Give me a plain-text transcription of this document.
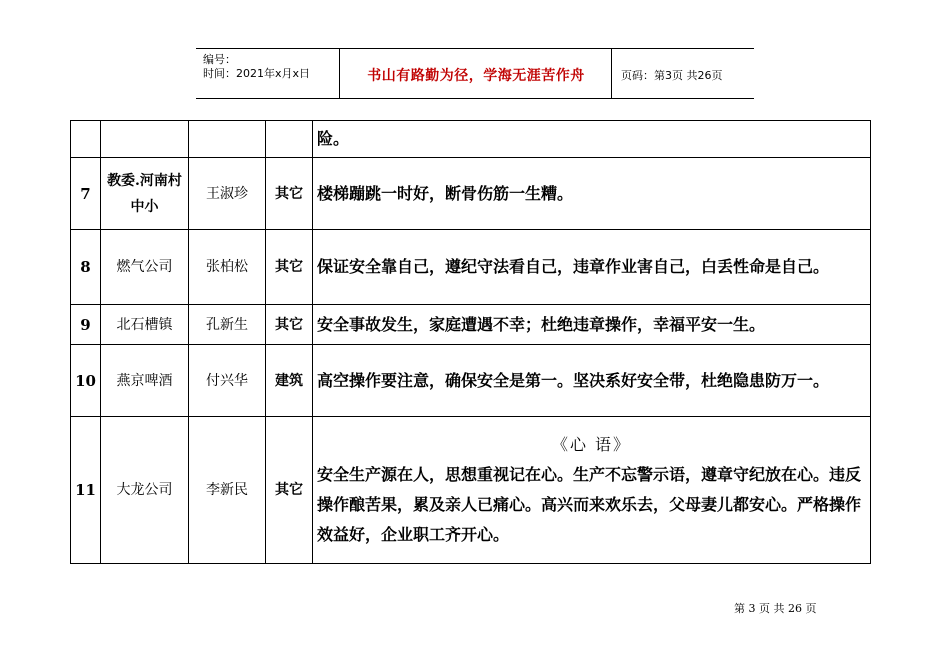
编号：
时间：2021年x月x日	书山有路勤为径，学海无涯苦作舟	页码：第3页 共26页
				险。
7	教委.河南村中小	王淑珍	其它	楼梯蹦跳一时好，断骨伤筋一生糟。
8	燃气公司	张柏松	其它	保证安全靠自己，遵纪守法看自己，违章作业害自己，白丢性命是自己。
9	北石槽镇	孔新生	其它	安全事故发生，家庭遭遇不幸；杜绝违章操作，幸福平安一生。
10	燕京啤酒	付兴华	建筑	高空操作要注意，确保安全是第一。坚决系好安全带，杜绝隐患防万一。
11	大龙公司	李新民	其它	《心 语》
安全生产源在人，思想重视记在心。生产不忘警示语，遵章守纪放在心。违反操作酿苦果，累及亲人已痛心。高兴而来欢乐去，父母妻儿都安心。严格操作效益好，企业职工齐开心。
第 3 页 共 26 页
